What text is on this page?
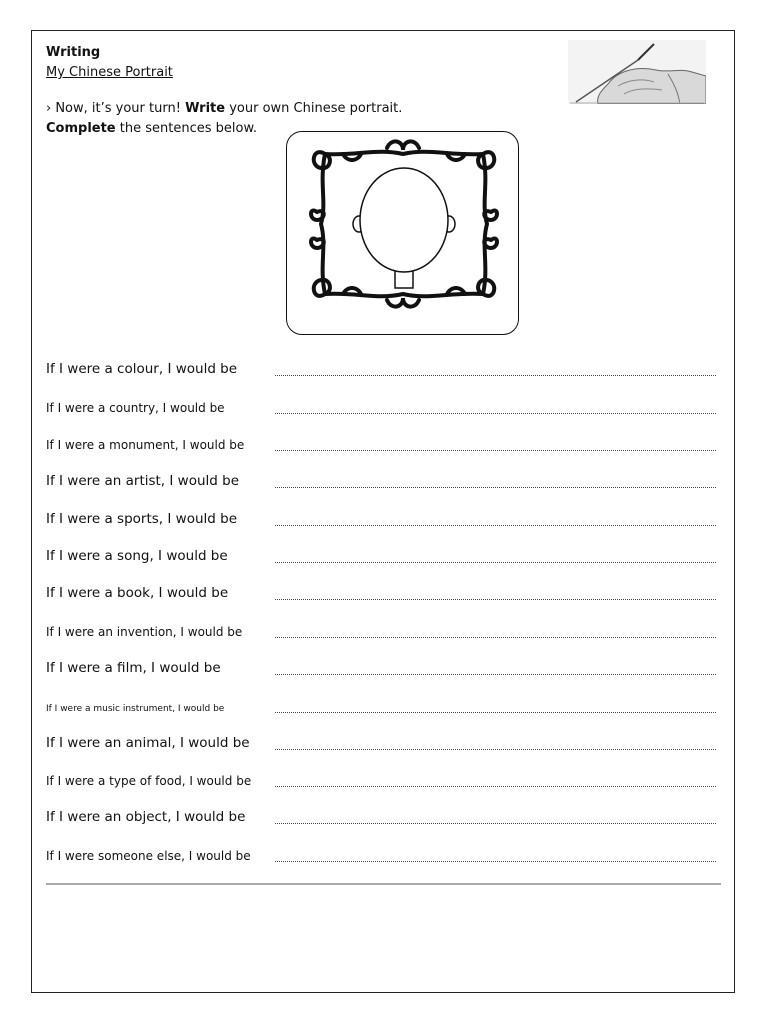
Writing
My Chinese Portrait
› Now, it’s your turn! Write your own Chinese portrait.
Complete the sentences below.
If I were a colour, I would be
If I were a country, I would be
If I were a monument, I would be
If I were an artist, I would be
If I were a sports, I would be
If I were a song, I would be
If I were a book, I would be
If I were an invention, I would be
If I were a film, I would be
If I were a music instrument, I would be
If I were an animal, I would be
If I were a type of food, I would be
If I were an object, I would be
If I were someone else, I would be
